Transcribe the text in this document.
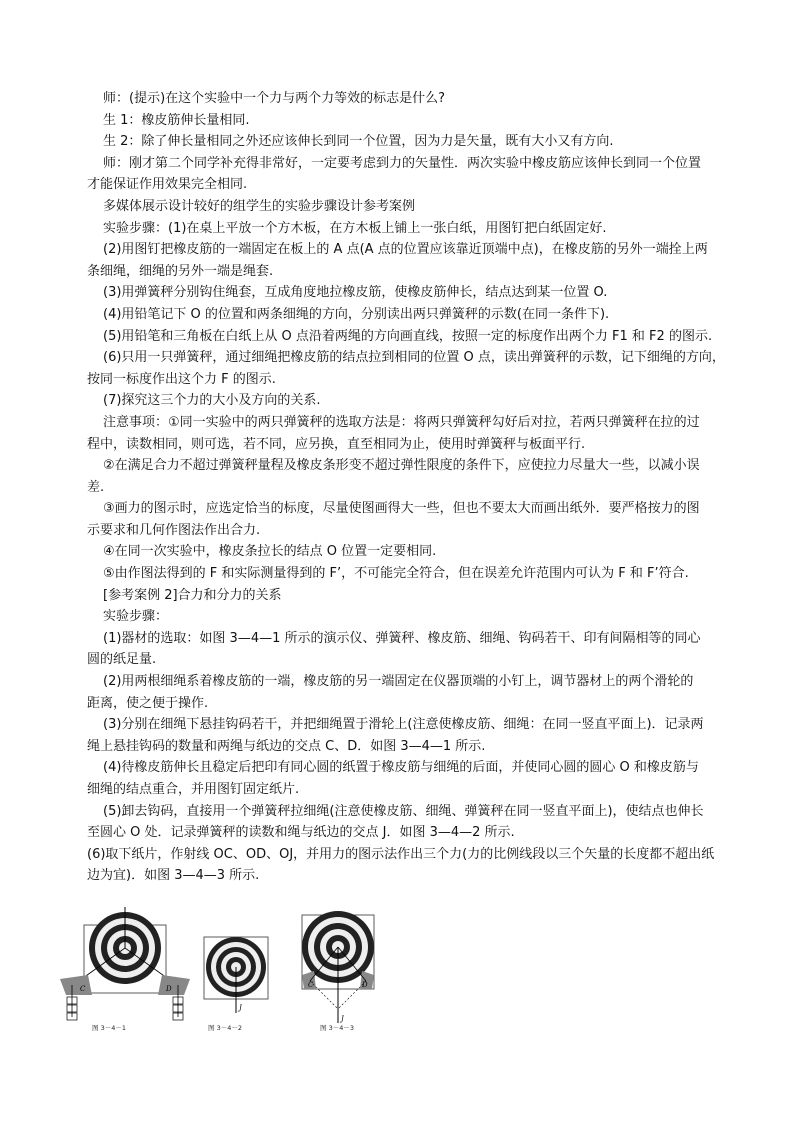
师：(提示)在这个实验中一个力与两个力等效的标志是什么?

生 1：橡皮筋伸长量相同.

生 2：除了伸长量相同之外还应该伸长到同一个位置，因为力是矢量，既有大小又有方向.

师：刚才第二个同学补充得非常好，一定要考虑到力的矢量性．两次实验中橡皮筋应该伸长到同一个位置

才能保证作用效果完全相同.

多媒体展示设计较好的组学生的实验步骤设计参考案例

实验步骤：(1)在桌上平放一个方木板，在方木板上铺上一张白纸，用图钉把白纸固定好.

(2)用图钉把橡皮筋的一端固定在板上的 A 点(A 点的位置应该靠近顶端中点)，在橡皮筋的另外一端拴上两

条细绳，细绳的另外一端是绳套.

(3)用弹簧秤分别钩住绳套，互成角度地拉橡皮筋，使橡皮筋伸长，结点达到某一位置 O.

(4)用铅笔记下 O 的位置和两条细绳的方向，分别读出两只弹簧秤的示数(在同一条件下).

(5)用铅笔和三角板在白纸上从 O 点沿着两绳的方向画直线，按照一定的标度作出两个力 F1 和 F2 的图示.

(6)只用一只弹簧秤，通过细绳把橡皮筋的结点拉到相同的位置 O 点，读出弹簧秤的示数，记下细绳的方向，

按同一标度作出这个力 F 的图示.

(7)探究这三个力的大小及方向的关系.

注意事项：①同一实验中的两只弹簧秤的选取方法是：将两只弹簧秤勾好后对拉，若两只弹簧秤在拉的过

程中，读数相同，则可选，若不同，应另换，直至相同为止，使用时弹簧秤与板面平行.

②在满足合力不超过弹簧秤量程及橡皮条形变不超过弹性限度的条件下，应使拉力尽量大一些，以减小误

差.

③画力的图示时，应选定恰当的标度，尽量使图画得大一些，但也不要太大而画出纸外．要严格按力的图

示要求和几何作图法作出合力.

④在同一次实验中，橡皮条拉长的结点 O 位置一定要相同.

⑤由作图法得到的 F 和实际测量得到的 F’，不可能完全符合，但在误差允许范围内可认为 F 和 F’符合.

[参考案例 2]合力和分力的关系

实验步骤：

(1)器材的选取：如图 3—4—1 所示的演示仪、弹簧秤、橡皮筋、细绳、钩码若干、印有间隔相等的同心

圆的纸足量.

(2)用两根细绳系着橡皮筋的一端，橡皮筋的另一端固定在仪器顶端的小钉上，调节器材上的两个滑轮的

距离，使之便于操作.

(3)分别在细绳下悬挂钩码若干，并把细绳置于滑轮上(注意使橡皮筋、细绳：在同一竖直平面上)．记录两

绳上悬挂钩码的数量和两绳与纸边的交点 C、D．如图 3—4—1 所示.

(4)待橡皮筋伸长且稳定后把印有同心圆的纸置于橡皮筋与细绳的后面，并使同心圆的圆心 O 和橡皮筋与

细绳的结点重合，并用图钉固定纸片.

(5)卸去钩码，直接用一个弹簧秤拉细绳(注意使橡皮筋、细绳、弹簧秤在同一竖直平面上)，使结点也伸长

至圆心 O 处．记录弹簧秤的读数和绳与纸边的交点 J．如图 3—4—2 所示.

(6)取下纸片，作射线 OC、OD、OJ，并用力的图示法作出三个力(力的比例线段以三个矢量的长度都不超出纸

边为宜)．如图 3—4—3 所示.

C	D
J
C	D
J
图 3－4－1	图 3－4－2	图 3－4－3
